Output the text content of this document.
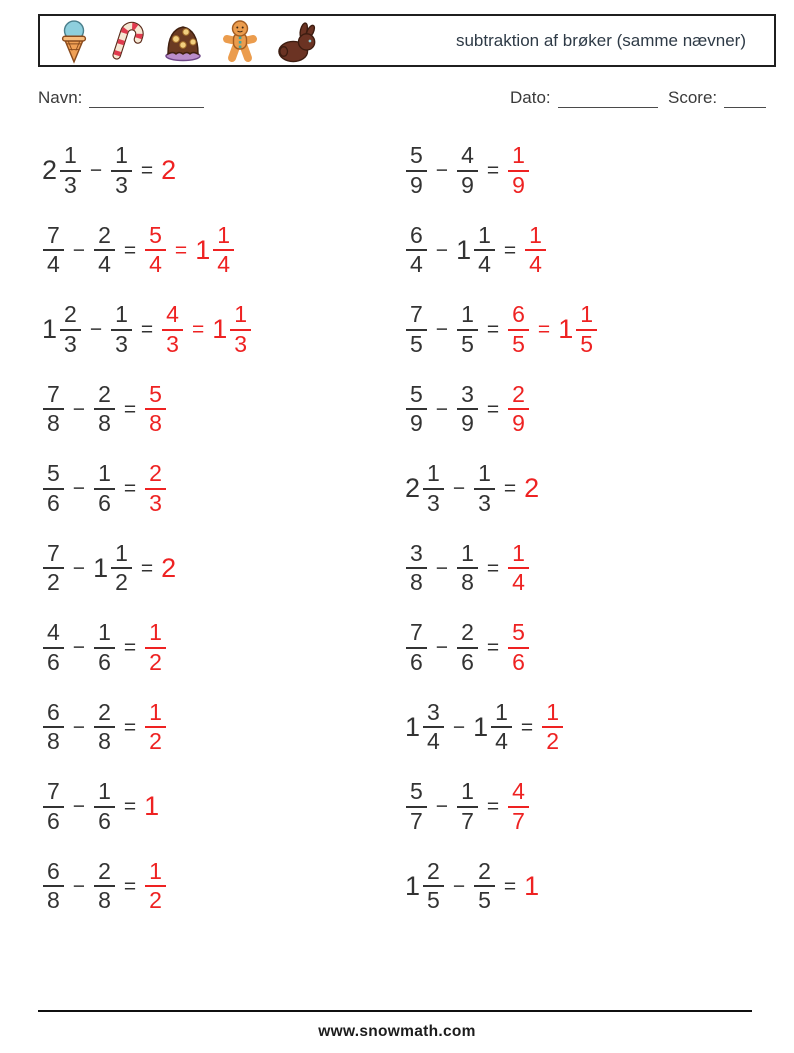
subtraktion af brøker (samme nævner)
Navn:	Dato:	Score:
$2 \frac{1}{3} - \frac{1}{3} = 2$	$\frac{5}{9} - \frac{4}{9} = \frac{1}{9}$
$\frac{7}{4} - \frac{2}{4} = \frac{5}{4} = 1 \frac{1}{4}$	$\frac{6}{4} - 1 \frac{1}{4} = \frac{1}{4}$
$1 \frac{2}{3} - \frac{1}{3} = \frac{4}{3} = 1 \frac{1}{3}$	$\frac{7}{5} - \frac{1}{5} = \frac{6}{5} = 1 \frac{1}{5}$
$\frac{7}{8} - \frac{2}{8} = \frac{5}{8}$	$\frac{5}{9} - \frac{3}{9} = \frac{2}{9}$
$\frac{5}{6} - \frac{1}{6} = \frac{2}{3}$	$2 \frac{1}{3} - \frac{1}{3} = 2$
$\frac{7}{2} - 1 \frac{1}{2} = 2$	$\frac{3}{8} - \frac{1}{8} = \frac{1}{4}$
$\frac{4}{6} - \frac{1}{6} = \frac{1}{2}$	$\frac{7}{6} - \frac{2}{6} = \frac{5}{6}$
$\frac{6}{8} - \frac{2}{8} = \frac{1}{2}$	$1 \frac{3}{4} - 1 \frac{1}{4} = \frac{1}{2}$
$\frac{7}{6} - \frac{1}{6} = 1$	$\frac{5}{7} - \frac{1}{7} = \frac{4}{7}$
$\frac{6}{8} - \frac{2}{8} = \frac{1}{2}$	$1 \frac{2}{5} - \frac{2}{5} = 1$
www.snowmath.com
